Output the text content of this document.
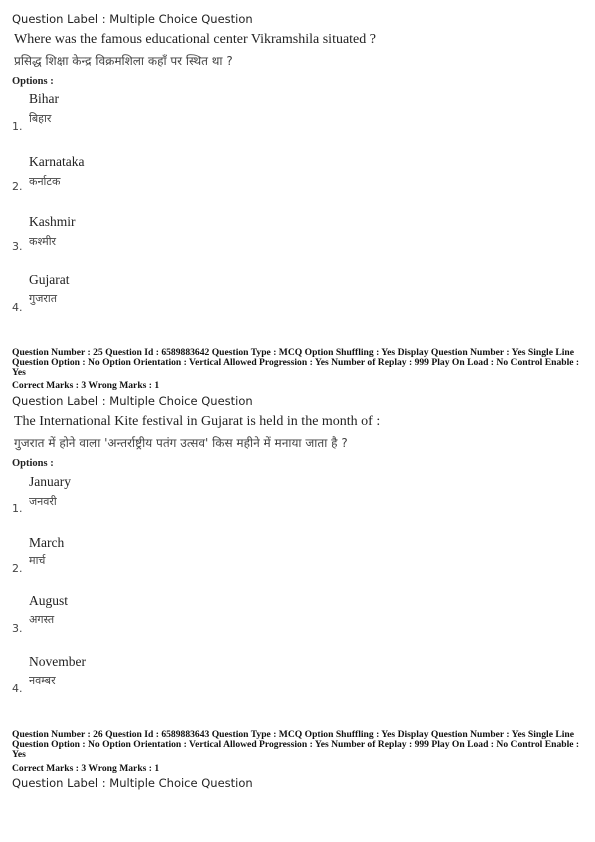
Question Label : Multiple Choice Question
Where was the famous educational center Vikramshila situated ?
प्रसिद्ध शिक्षा केन्द्र विक्रमशिला कहाँ पर स्थित था ?
Options :
Bihar
बिहार
1.
Karnataka
कर्नाटक
2.
Kashmir
कश्मीर
3.
Gujarat
गुजरात
4.
Question Number : 25 Question Id : 6589883642 Question Type : MCQ Option Shuffling : Yes Display Question Number : Yes Single Line Question Option : No Option Orientation : Vertical Allowed Progression : Yes Number of Replay : 999 Play On Load : No Control Enable : Yes
Correct Marks : 3 Wrong Marks : 1
Question Label : Multiple Choice Question
The International Kite festival in Gujarat is held in the month of :
गुजरात में होने वाला 'अन्तर्राष्ट्रीय पतंग उत्सव' किस महीने में मनाया जाता है ?
Options :
January
जनवरी
1.
March
मार्च
2.
August
अगस्त
3.
November
नवम्बर
4.
Question Number : 26 Question Id : 6589883643 Question Type : MCQ Option Shuffling : Yes Display Question Number : Yes Single Line Question Option : No Option Orientation : Vertical Allowed Progression : Yes Number of Replay : 999 Play On Load : No Control Enable : Yes
Correct Marks : 3 Wrong Marks : 1
Question Label : Multiple Choice Question
